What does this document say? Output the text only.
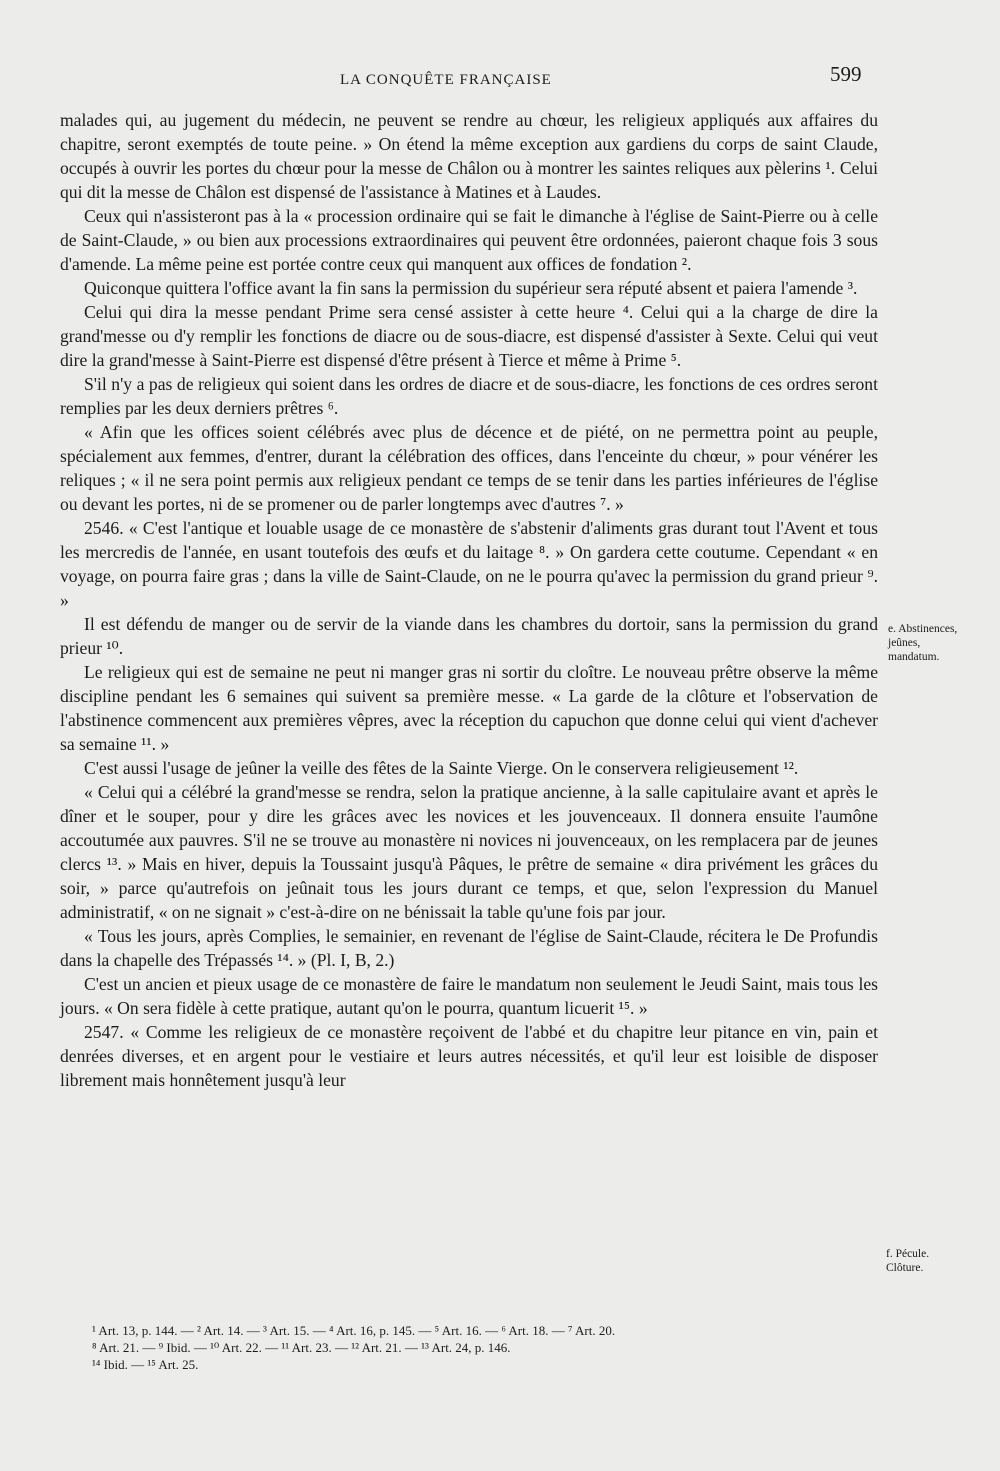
LA CONQUÊTE FRANÇAISE	599

malades qui, au jugement du médecin, ne peuvent se rendre au chœur, les religieux appliqués aux affaires du chapitre, seront exemptés de toute peine. » On étend la même exception aux gardiens du corps de saint Claude, occupés à ouvrir les portes du chœur pour la messe de Châlon ou à montrer les saintes reliques aux pèlerins ¹. Celui qui dit la messe de Châlon est dispensé de l'assistance à Matines et à Laudes.

Ceux qui n'assisteront pas à la « procession ordinaire qui se fait le dimanche à l'église de Saint-Pierre ou à celle de Saint-Claude, » ou bien aux processions extraordinaires qui peuvent être ordonnées, paieront chaque fois 3 sous d'amende. La même peine est portée contre ceux qui manquent aux offices de fondation ².

Quiconque quittera l'office avant la fin sans la permission du supérieur sera réputé absent et paiera l'amende ³.

Celui qui dira la messe pendant Prime sera censé assister à cette heure ⁴. Celui qui a la charge de dire la grand'messe ou d'y remplir les fonctions de diacre ou de sous-diacre, est dispensé d'assister à Sexte. Celui qui veut dire la grand'messe à Saint-Pierre est dispensé d'être présent à Tierce et même à Prime ⁵.

S'il n'y a pas de religieux qui soient dans les ordres de diacre et de sous-diacre, les fonctions de ces ordres seront remplies par les deux derniers prêtres ⁶.

« Afin que les offices soient célébrés avec plus de décence et de piété, on ne permettra point au peuple, spécialement aux femmes, d'entrer, durant la célébration des offices, dans l'enceinte du chœur, » pour vénérer les reliques ; « il ne sera point permis aux religieux pendant ce temps de se tenir dans les parties inférieures de l'église ou devant les portes, ni de se promener ou de parler longtemps avec d'autres ⁷. »

2546. « C'est l'antique et louable usage de ce monastère de s'abstenir d'aliments gras durant tout l'Avent et tous les mercredis de l'année, en usant toutefois des œufs et du laitage ⁸. » On gardera cette coutume. Cependant « en voyage, on pourra faire gras ; dans la ville de Saint-Claude, on ne le pourra qu'avec la permission du grand prieur ⁹. »

Il est défendu de manger ou de servir de la viande dans les chambres du dortoir, sans la permission du grand prieur ¹⁰.

Le religieux qui est de semaine ne peut ni manger gras ni sortir du cloître. Le nouveau prêtre observe la même discipline pendant les 6 semaines qui suivent sa première messe. « La garde de la clôture et l'observation de l'abstinence commencent aux premières vêpres, avec la réception du capuchon que donne celui qui vient d'achever sa semaine ¹¹. »

C'est aussi l'usage de jeûner la veille des fêtes de la Sainte Vierge. On le conservera religieusement ¹².

« Celui qui a célébré la grand'messe se rendra, selon la pratique ancienne, à la salle capitulaire avant et après le dîner et le souper, pour y dire les grâces avec les novices et les jouvenceaux. Il donnera ensuite l'aumône accoutumée aux pauvres. S'il ne se trouve au monastère ni novices ni jouvenceaux, on les remplacera par de jeunes clercs ¹³. » Mais en hiver, depuis la Toussaint jusqu'à Pâques, le prêtre de semaine « dira privément les grâces du soir, » parce qu'autrefois on jeûnait tous les jours durant ce temps, et que, selon l'expression du Manuel administratif, « on ne signait » c'est-à-dire on ne bénissait la table qu'une fois par jour.

« Tous les jours, après Complies, le semainier, en revenant de l'église de Saint-Claude, récitera le De Profundis dans la chapelle des Trépassés ¹⁴. » (Pl. I, B, 2.)

C'est un ancien et pieux usage de ce monastère de faire le mandatum non seulement le Jeudi Saint, mais tous les jours. « On sera fidèle à cette pratique, autant qu'on le pourra, quantum licuerit ¹⁵. »

2547. « Comme les religieux de ce monastère reçoivent de l'abbé et du chapitre leur pitance en vin, pain et denrées diverses, et en argent pour le vestiaire et leurs autres nécessités, et qu'il leur est loisible de disposer librement mais honnêtement jusqu'à leur

e. Abstinences, jeûnes, mandatum.
f. Pécule. Clôture.
¹ Art. 13, p. 144. — ² Art. 14. — ³ Art. 15. — ⁴ Art. 16, p. 145. — ⁵ Art. 16. — ⁶ Art. 18. — ⁷ Art. 20.
⁸ Art. 21. — ⁹ Ibid. — ¹⁰ Art. 22. — ¹¹ Art. 23. — ¹² Art. 21. — ¹³ Art. 24, p. 146.
¹⁴ Ibid. — ¹⁵ Art. 25.
